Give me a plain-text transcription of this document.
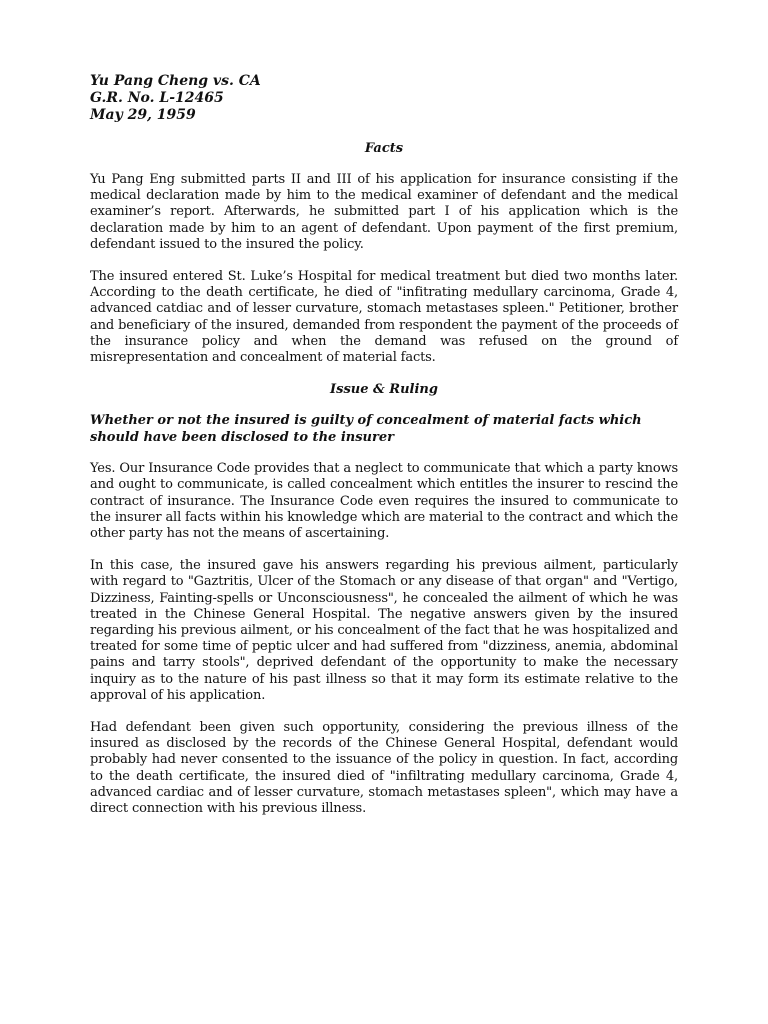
Yu Pang Cheng vs. CA
G.R. No. L-12465
May 29, 1959
Facts

Yu Pang Eng submitted parts II and III of his application for insurance consisting if the medical declaration made by him to the medical examiner of defendant and the medical examiner’s report. Afterwards, he submitted part I of his application which is the declaration made by him to an agent of defendant. Upon payment of the first premium, defendant issued to the insured the policy.

The insured entered St. Luke’s Hospital for medical treatment but died two months later. According to the death certificate, he died of "infitrating medullary carcinoma, Grade 4, advanced catdiac and of lesser curvature, stomach metastases spleen." Petitioner, brother and beneficiary of the insured, demanded from respondent the payment of the proceeds of the insurance policy and when the demand was refused on the ground of misrepresentation and concealment of material facts.

Issue & Ruling
Whether or not the insured is guilty of concealment of material facts which should have been disclosed to the insurer

Yes. Our Insurance Code provides that a neglect to communicate that which a party knows and ought to communicate, is called concealment which entitles the insurer to rescind the contract of insurance. The Insurance Code even requires the insured to communicate to the insurer all facts within his knowledge which are material to the contract and which the other party has not the means of ascertaining.

In this case, the insured gave his answers regarding his previous ailment, particularly with regard to "Gaztritis, Ulcer of the Stomach or any disease of that organ" and "Vertigo, Dizziness, Fainting-spells or Unconsciousness", he concealed the ailment of which he was treated in the Chinese General Hospital. The negative answers given by the insured regarding his previous ailment, or his concealment of the fact that he was hospitalized and treated for some time of peptic ulcer and had suffered from "dizziness, anemia, abdominal pains and tarry stools", deprived defendant of the opportunity to make the necessary inquiry as to the nature of his past illness so that it may form its estimate relative to the approval of his application.

Had defendant been given such opportunity, considering the previous illness of the insured as disclosed by the records of the Chinese General Hospital, defendant would probably had never consented to the issuance of the policy in question. In fact, according to the death certificate, the insured died of "infiltrating medullary carcinoma, Grade 4, advanced cardiac and of lesser curvature, stomach metastases spleen", which may have a direct connection with his previous illness.
